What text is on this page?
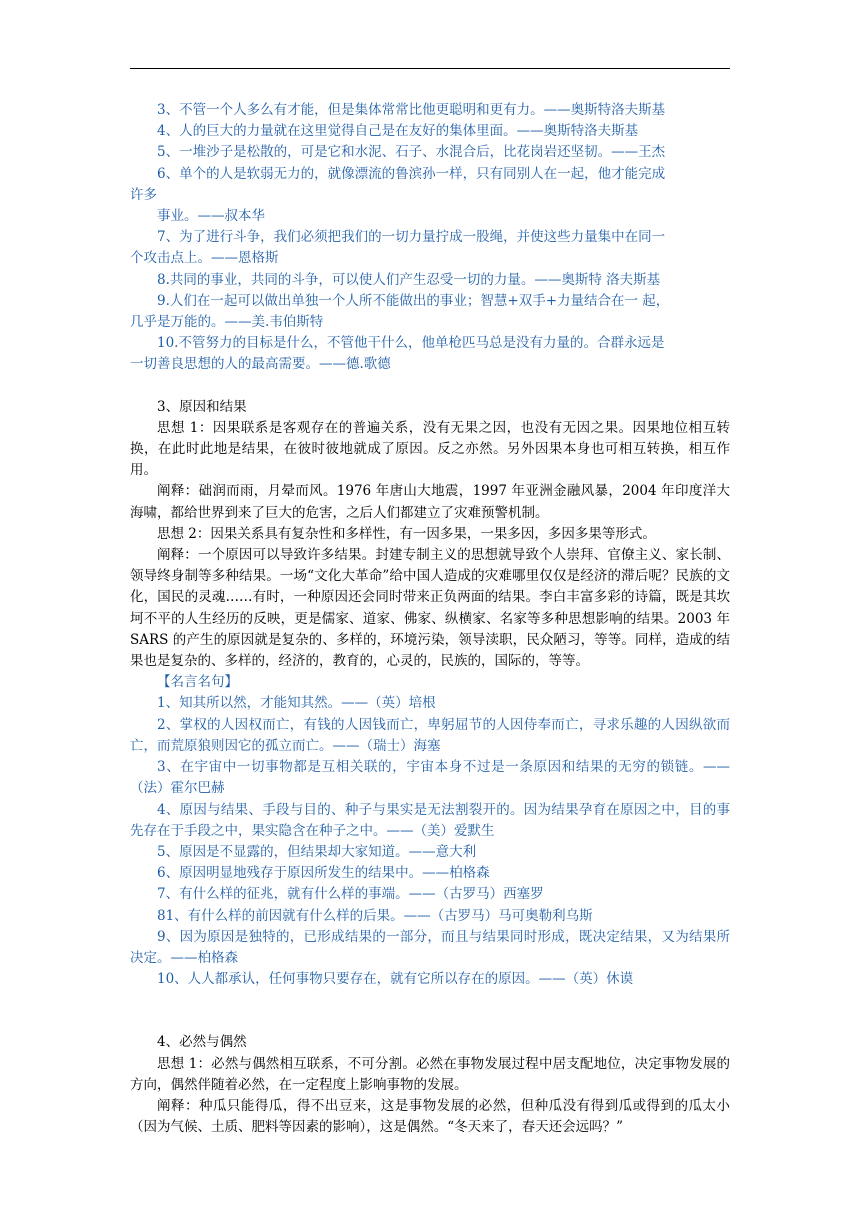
3、不管一个人多么有才能，但是集体常常比他更聪明和更有力。——奥斯特洛夫斯基

4、人的巨大的力量就在这里觉得自己是在友好的集体里面。——奥斯特洛夫斯基

5、一堆沙子是松散的，可是它和水泥、石子、水混合后，比花岗岩还坚韧。——王杰

6、单个的人是软弱无力的，就像漂流的鲁滨孙一样，只有同别人在一起，他才能完成

许多

事业。——叔本华

7、为了进行斗争，我们必须把我们的一切力量拧成一股绳，并使这些力量集中在同一

个攻击点上。——恩格斯

8.共同的事业，共同的斗争，可以使人们产生忍受一切的力量。——奥斯特 洛夫斯基

9.人们在一起可以做出单独一个人所不能做出的事业；智慧+双手+力量结合在一 起，

几乎是万能的。——美.韦伯斯特

10.不管努力的目标是什么，不管他干什么，他单枪匹马总是没有力量的。合群永远是

一切善良思想的人的最高需要。——德.歌德

3、原因和结果

思想 1：因果联系是客观存在的普遍关系，没有无果之因，也没有无因之果。因果地位相互转换，在此时此地是结果，在彼时彼地就成了原因。反之亦然。另外因果本身也可相互转换，相互作用。

阐释：础润而雨，月晕而风。1976 年唐山大地震，1997 年亚洲金融风暴，2004 年印度洋大海啸，都给世界到来了巨大的危害，之后人们都建立了灾难预警机制。

思想 2：因果关系具有复杂性和多样性，有一因多果，一果多因，多因多果等形式。

阐释：一个原因可以导致许多结果。封建专制主义的思想就导致个人崇拜、官僚主义、家长制、领导终身制等多种结果。一场“文化大革命”给中国人造成的灾难哪里仅仅是经济的滞后呢？民族的文化，国民的灵魂……有时，一种原因还会同时带来正负两面的结果。李白丰富多彩的诗篇，既是其坎坷不平的人生经历的反映，更是儒家、道家、佛家、纵横家、名家等多种思想影响的结果。2003 年 SARS 的产生的原因就是复杂的、多样的，环境污染，领导渎职，民众陋习，等等。同样，造成的结果也是复杂的、多样的，经济的，教育的，心灵的，民族的，国际的，等等。

【名言名句】

1、知其所以然，才能知其然。——（英）培根

2、掌权的人因权而亡，有钱的人因钱而亡，卑躬屈节的人因侍奉而亡，寻求乐趣的人因纵欲而亡，而荒原狼则因它的孤立而亡。——（瑞士）海塞

3、在宇宙中一切事物都是互相关联的，宇宙本身不过是一条原因和结果的无穷的锁链。——（法）霍尔巴赫

4、原因与结果、手段与目的、种子与果实是无法割裂开的。因为结果孕育在原因之中，目的事先存在于手段之中，果实隐含在种子之中。——（美）爱默生

5、原因是不显露的，但结果却大家知道。——意大利

6、原因明显地残存于原因所发生的结果中。——柏格森

7、有什么样的征兆，就有什么样的事端。——（古罗马）西塞罗

81、有什么样的前因就有什么样的后果。——（古罗马）马可奥勒利乌斯

9、因为原因是独特的，已形成结果的一部分，而且与结果同时形成，既决定结果，又为结果所决定。——柏格森

10、人人都承认，任何事物只要存在，就有它所以存在的原因。——（英）休谟

4、必然与偶然

思想 1：必然与偶然相互联系，不可分割。必然在事物发展过程中居支配地位，决定事物发展的方向，偶然伴随着必然，在一定程度上影响事物的发展。

阐释：种瓜只能得瓜，得不出豆来，这是事物发展的必然，但种瓜没有得到瓜或得到的瓜太小（因为气候、土质、肥料等因素的影响），这是偶然。“冬天来了，春天还会远吗？”
